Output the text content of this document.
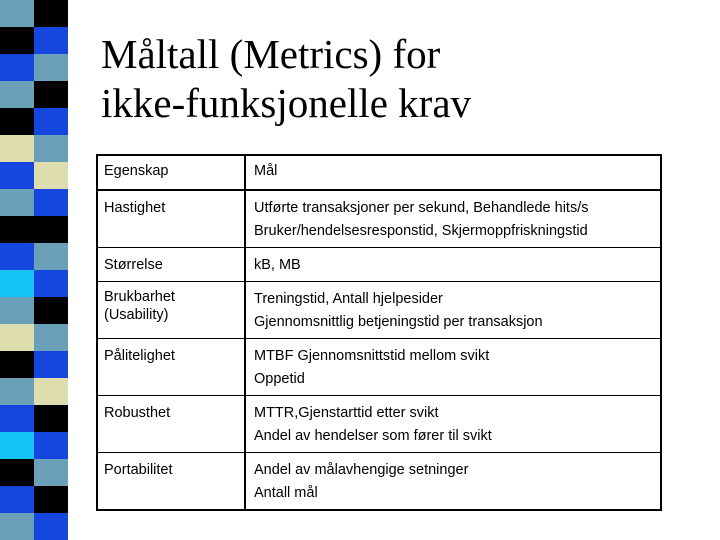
Måltall (Metrics) for
ikke-funksjonelle krav
Egenskap	Mål
Hastighet	Utførte transaksjoner per sekund, Behandlede hits/s
Bruker/hendelsesresponstid, Skjermoppfriskningstid

Størrelse	kB, MB

Brukbarhet (Usability)	Treningstid, Antall hjelpesider
Gjennomsnittlig betjeningstid per transaksjon

Pålitelighet	MTBF Gjennomsnittstid mellom svikt
Oppetid

Robusthet	MTTR,Gjenstarttid etter svikt
Andel av hendelser som fører til svikt

Portabilitet	Andel av målavhengige setninger
Antall mål
